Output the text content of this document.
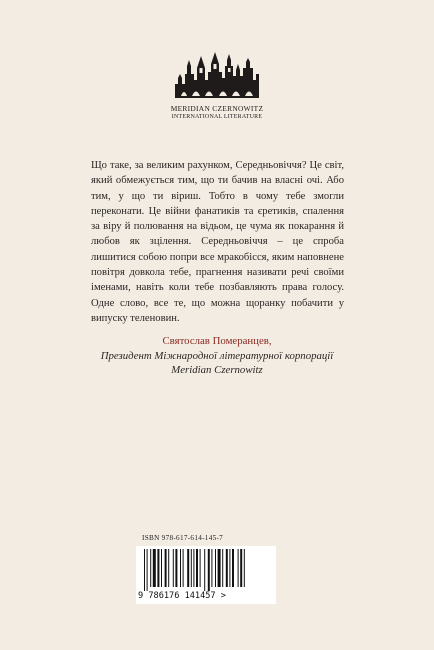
MERIDIAN CZERNOWITZ
INTERNATIONAL LITERATURE

Що таке, за великим рахунком, Середньовіччя? Це світ, який обмежується тим, що ти бачив на власні очі. Або тим, у що ти віриш. Тобто в чому тебе змогли переконати. Це війни фанатиків та єретиків, спалення за віру й полювання на відьом, це чума як покарання й любов як зцілення. Середньовіччя – це спроба лишитися собою попри все мракобісся, яким наповнене повітря довкола тебе, прагнення називати речі своїми іменами, навіть коли тебе позбавляють права голосу. Одне слово, все те, що можна щоранку побачити у випуску теленовин.

Святослав Померанцев,
Президент Міжнародної літературної корпорації
Meridian Czernowitz
ISBN 978-617-614-145-7
9 786176 141457 >
